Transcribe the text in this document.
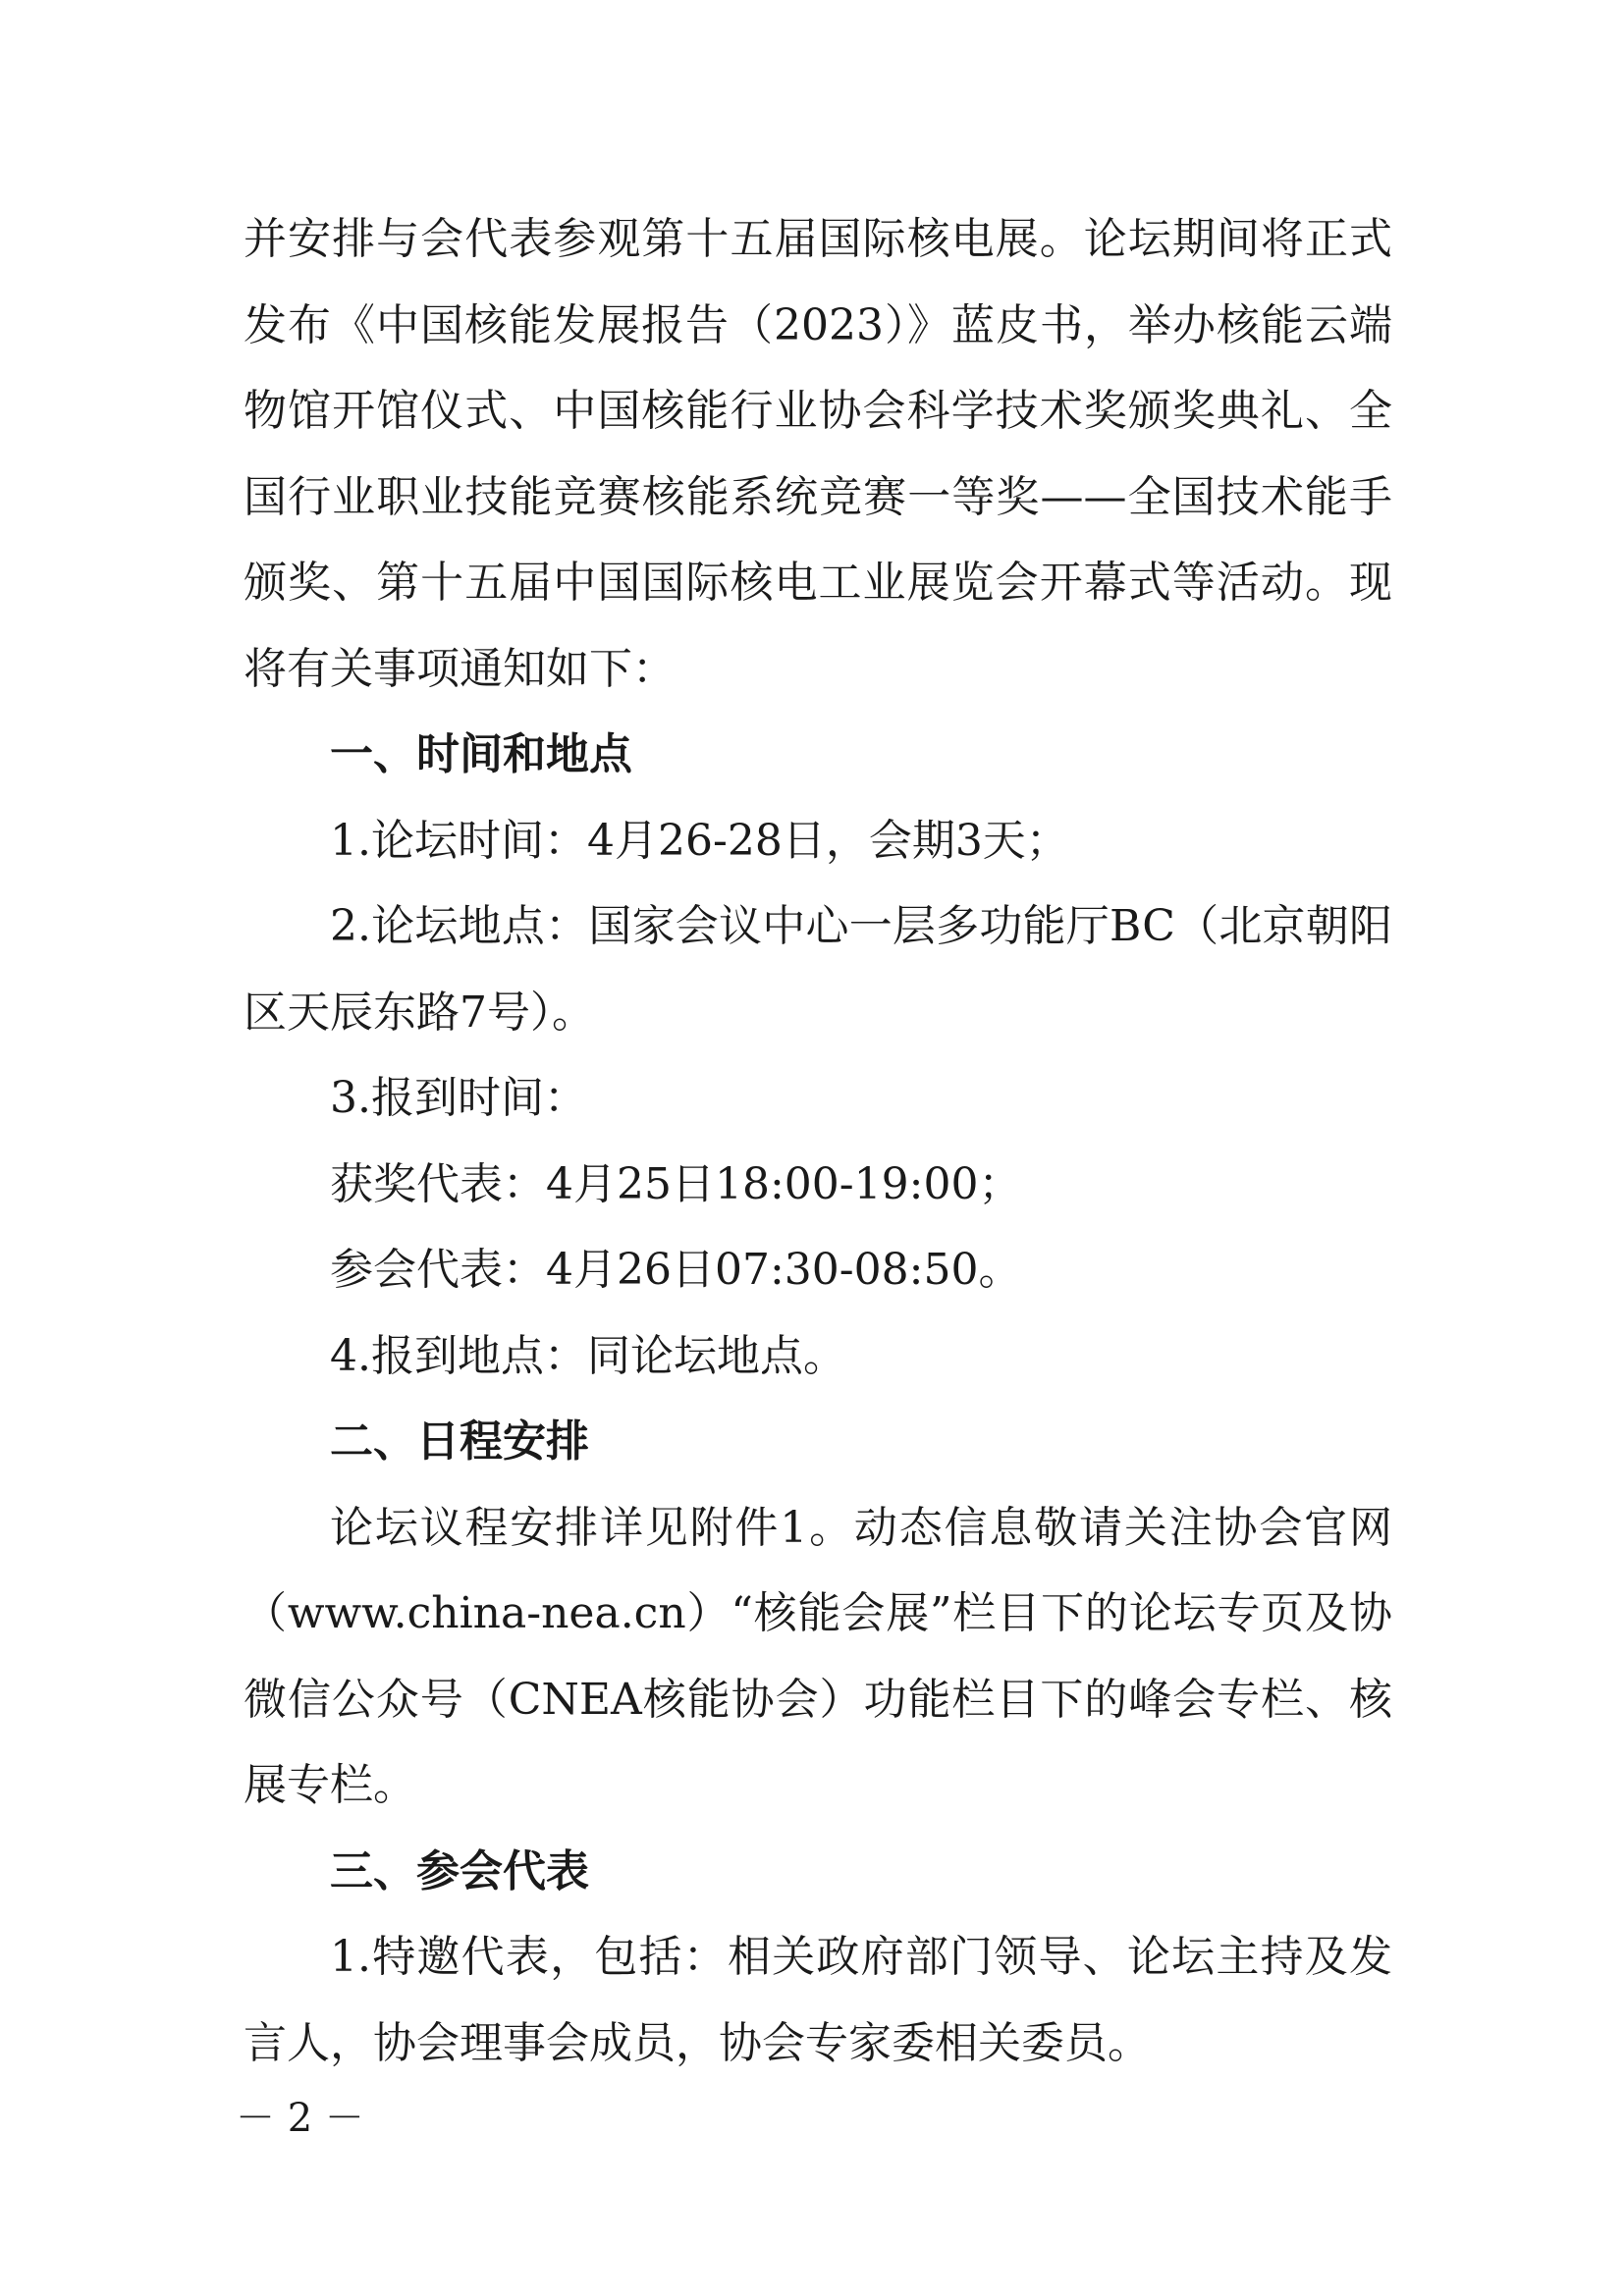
并安排与会代表参观第十五届国际核电展。论坛期间将正式
发布《中国核能发展报告（2023）》蓝皮书，举办核能云端
物馆开馆仪式、中国核能行业协会科学技术奖颁奖典礼、全
国行业职业技能竞赛核能系统竞赛一等奖——全国技术能手
颁奖、第十五届中国国际核电工业展览会开幕式等活动。现
将有关事项通知如下：
一、时间和地点
1.论坛时间：4月26-28日，会期3天；
2.论坛地点：国家会议中心一层多功能厅BC（北京朝阳
区天辰东路7号）。
3.报到时间：
获奖代表：4月25日18:00-19:00；
参会代表：4月26日07:30-08:50。
4.报到地点：同论坛地点。
二、日程安排
论坛议程安排详见附件1。动态信息敬请关注协会官网
（www.china-nea.cn）“核能会展”栏目下的论坛专页及协
微信公众号（CNEA核能协会）功能栏目下的峰会专栏、核
展专栏。
三、参会代表
1.特邀代表，包括：相关政府部门领导、论坛主持及发
言人，协会理事会成员，协会专家委相关委员。
－ 2 －
